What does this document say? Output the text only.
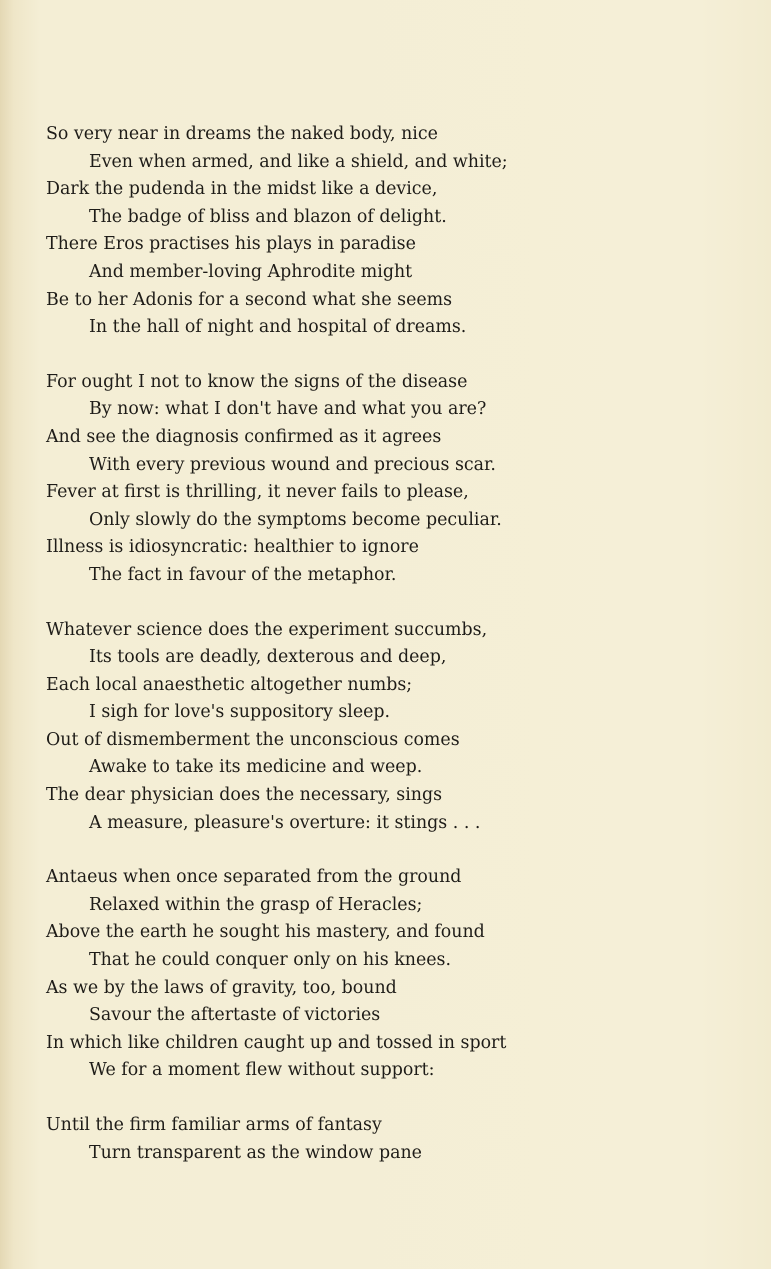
So very near in dreams the naked body, nice
Even when armed, and like a shield, and white;
Dark the pudenda in the midst like a device,
The badge of bliss and blazon of delight.
There Eros practises his plays in paradise
And member-loving Aphrodite might
Be to her Adonis for a second what she seems
In the hall of night and hospital of dreams.
For ought I not to know the signs of the disease
By now: what I don't have and what you are?
And see the diagnosis confirmed as it agrees
With every previous wound and precious scar.
Fever at first is thrilling, it never fails to please,
Only slowly do the symptoms become peculiar.
Illness is idiosyncratic: healthier to ignore
The fact in favour of the metaphor.
Whatever science does the experiment succumbs,
Its tools are deadly, dexterous and deep,
Each local anaesthetic altogether numbs;
I sigh for love's suppository sleep.
Out of dismemberment the unconscious comes
Awake to take its medicine and weep.
The dear physician does the necessary, sings
A measure, pleasure's overture: it stings . . .
Antaeus when once separated from the ground
Relaxed within the grasp of Heracles;
Above the earth he sought his mastery, and found
That he could conquer only on his knees.
As we by the laws of gravity, too, bound
Savour the aftertaste of victories
In which like children caught up and tossed in sport
We for a moment flew without support:
Until the firm familiar arms of fantasy
Turn transparent as the window pane
